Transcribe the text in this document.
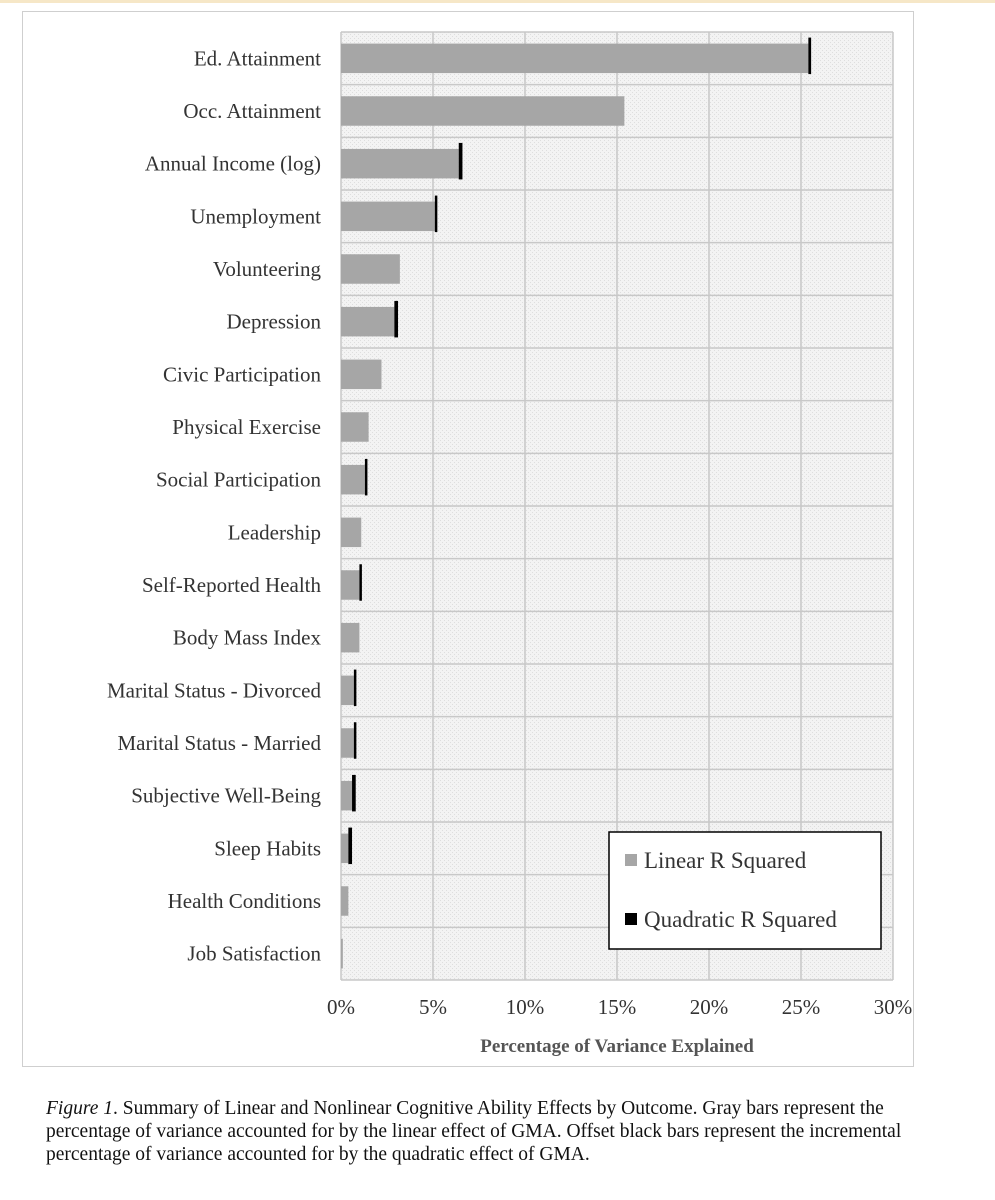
Ed. Attainment
Occ. Attainment
Annual Income (log)
Unemployment
Volunteering
Depression
Civic Participation
Physical Exercise
Social Participation
Leadership
Self-Reported Health
Body Mass Index
Marital Status - Divorced
Marital Status - Married
Subjective Well-Being
Sleep Habits
Health Conditions
Job Satisfaction
0%	5%	10%	15%	20%	25%	30%
Percentage of Variance Explained
Linear R Squared
Quadratic R Squared
Figure 1. Summary of Linear and Nonlinear Cognitive Ability Effects by Outcome. Gray bars represent the percentage of variance accounted for by the linear effect of GMA. Offset black bars represent the incremental percentage of variance accounted for by the quadratic effect of GMA.
